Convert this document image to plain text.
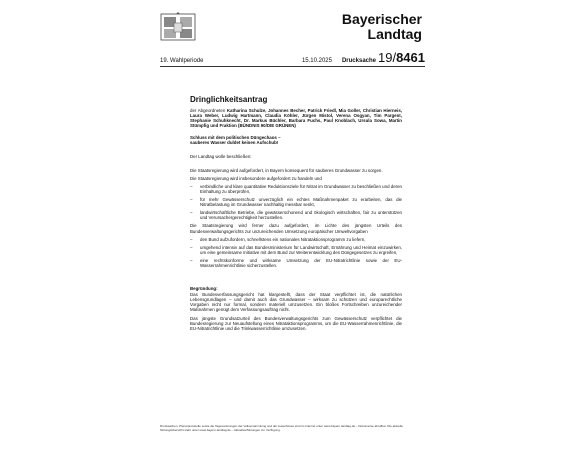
Bayerischer
Landtag
19. Wahlperiode	15.10.2025 Drucksache 19/8461
Dringlichkeitsantrag
der Abgeordneten Katharina Schulze, Johannes Becher, Patrick Friedl, Mia Goller, Christian Hierneis, Laura Weber, Ludwig Hartmann, Claudia Köhler, Jürgen Mistol, Verena Osgyan, Tim Pargent, Stephanie Schuhknecht, Dr. Markus Büchler, Barbara Fuchs, Paul Knoblach, Ursula Sowa, Martin Stümpfig und Fraktion (BÜNDNIS 90/DIE GRÜNEN)
Schluss mit dem politischen Düngechaos –
sauberes Wasser duldet keinen Aufschub!

Der Landtag wolle beschließen:

Die Staatsregierung wird aufgefordert, in Bayern konsequent für sauberes Grundwasser zu sorgen.

Die Staatsregierung wird insbesondere aufgefordert zu handeln und

– verbindliche und klare quantitative Reduktionsziele für Nitrat im Grundwasser zu beschließen und deren Einhaltung zu überprüfen,
– für mehr Gewässerschutz unverzüglich ein echtes Maßnahmenpaket zu erarbeiten, das die Nitratbelastung im Grundwasser nachhaltig messbar senkt,
– landwirtschaftliche Betriebe, die gewässerschonend und ökologisch wirtschaften, fair zu unterstützen und Verursachergerechtigkeit herzustellen.

Die Staatsregierung wird ferner dazu aufgefordert, im Lichte des jüngsten Urteils des Bundesverwaltungsgerichts zur unzureichenden Umsetzung europäischer Umweltvorgaben

– den Bund aufzufordern, schnellstens ein nationales Nitrataktionsprogramm zu liefern,
– umgehend intensiv auf das Bundesministerium für Landwirtschaft, Ernährung und Heimat einzuwirken, um eine gemeinsame Initiative mit dem Bund zur Weiterentwicklung des Düngegesetzes zu ergreifen,
– eine rechtskonforme und wirksame Umsetzung der EU-Nitratrichtlinie sowie der EU-Wasserrahmenrichtlinie sicherzustellen.
Begründung:

Das Bundesverfassungsgericht hat klargestellt, dass der Staat verpflichtet ist, die natürlichen Lebensgrundlagen – und damit auch das Grundwasser – wirksam zu schützen und europarechtliche Vorgaben nicht nur formal, sondern materiell umzusetzen. Ein bloßes Fortschreiben unzureichender Maßnahmen genügt dem Verfassungsauftrag nicht.

Das jüngste Grundsatzurteil des Bundesverwaltungsgerichts zum Gewässerschutz verpflichtet die Bundesregierung zur Neuaufstellung eines Nitrataktionsprogramms, um die EU-Wasserrahmenrichtlinie, die EU-Nitratrichtlinie und die Trinkwasserrichtlinie umzusetzen.

Drucksachen, Plenarprotokolle sowie die Tagesordnungen der Vollversammlung und der Ausschüsse sind im Internet unter www.bayern.landtag.de – Dokumente abrufbar. Die aktuelle Sitzungsübersicht steht unter www.bayern.landtag.de – Aktuelles/Sitzungen zur Verfügung.
